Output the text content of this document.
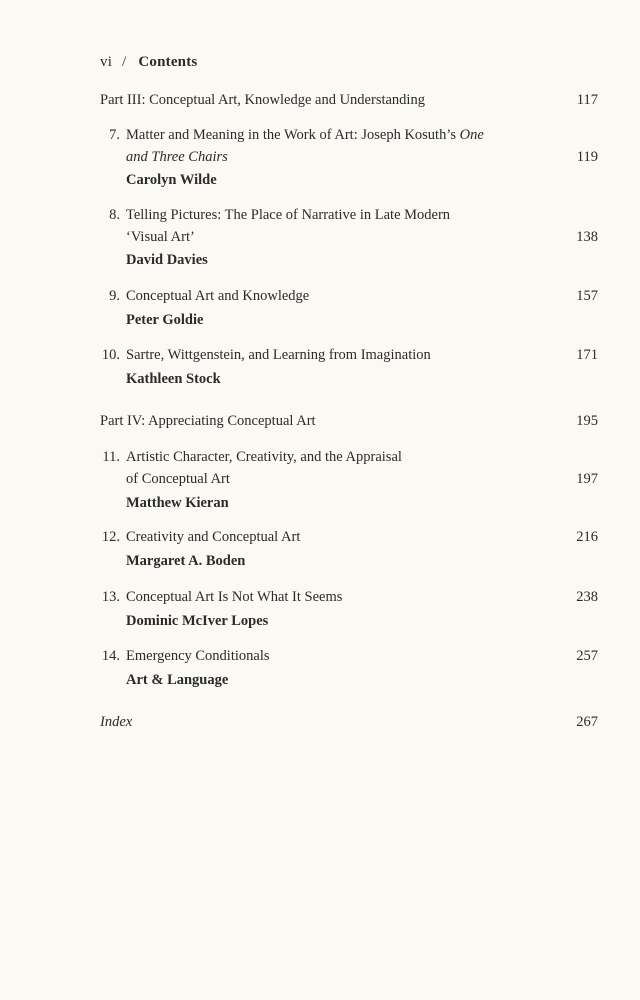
vi / Contents
Part III: Conceptual Art, Knowledge and Understanding	117
7. Matter and Meaning in the Work of Art: Joseph Kosuth’s One
and Three Chairs	119
Carolyn Wilde
8. Telling Pictures: The Place of Narrative in Late Modern
‘Visual Art’	138
David Davies
9. Conceptual Art and Knowledge	157
Peter Goldie
10. Sartre, Wittgenstein, and Learning from Imagination	171
Kathleen Stock
Part IV: Appreciating Conceptual Art	195
11. Artistic Character, Creativity, and the Appraisal
of Conceptual Art	197
Matthew Kieran
12. Creativity and Conceptual Art	216
Margaret A. Boden
13. Conceptual Art Is Not What It Seems	238
Dominic McIver Lopes
14. Emergency Conditionals	257
Art & Language
Index	267
